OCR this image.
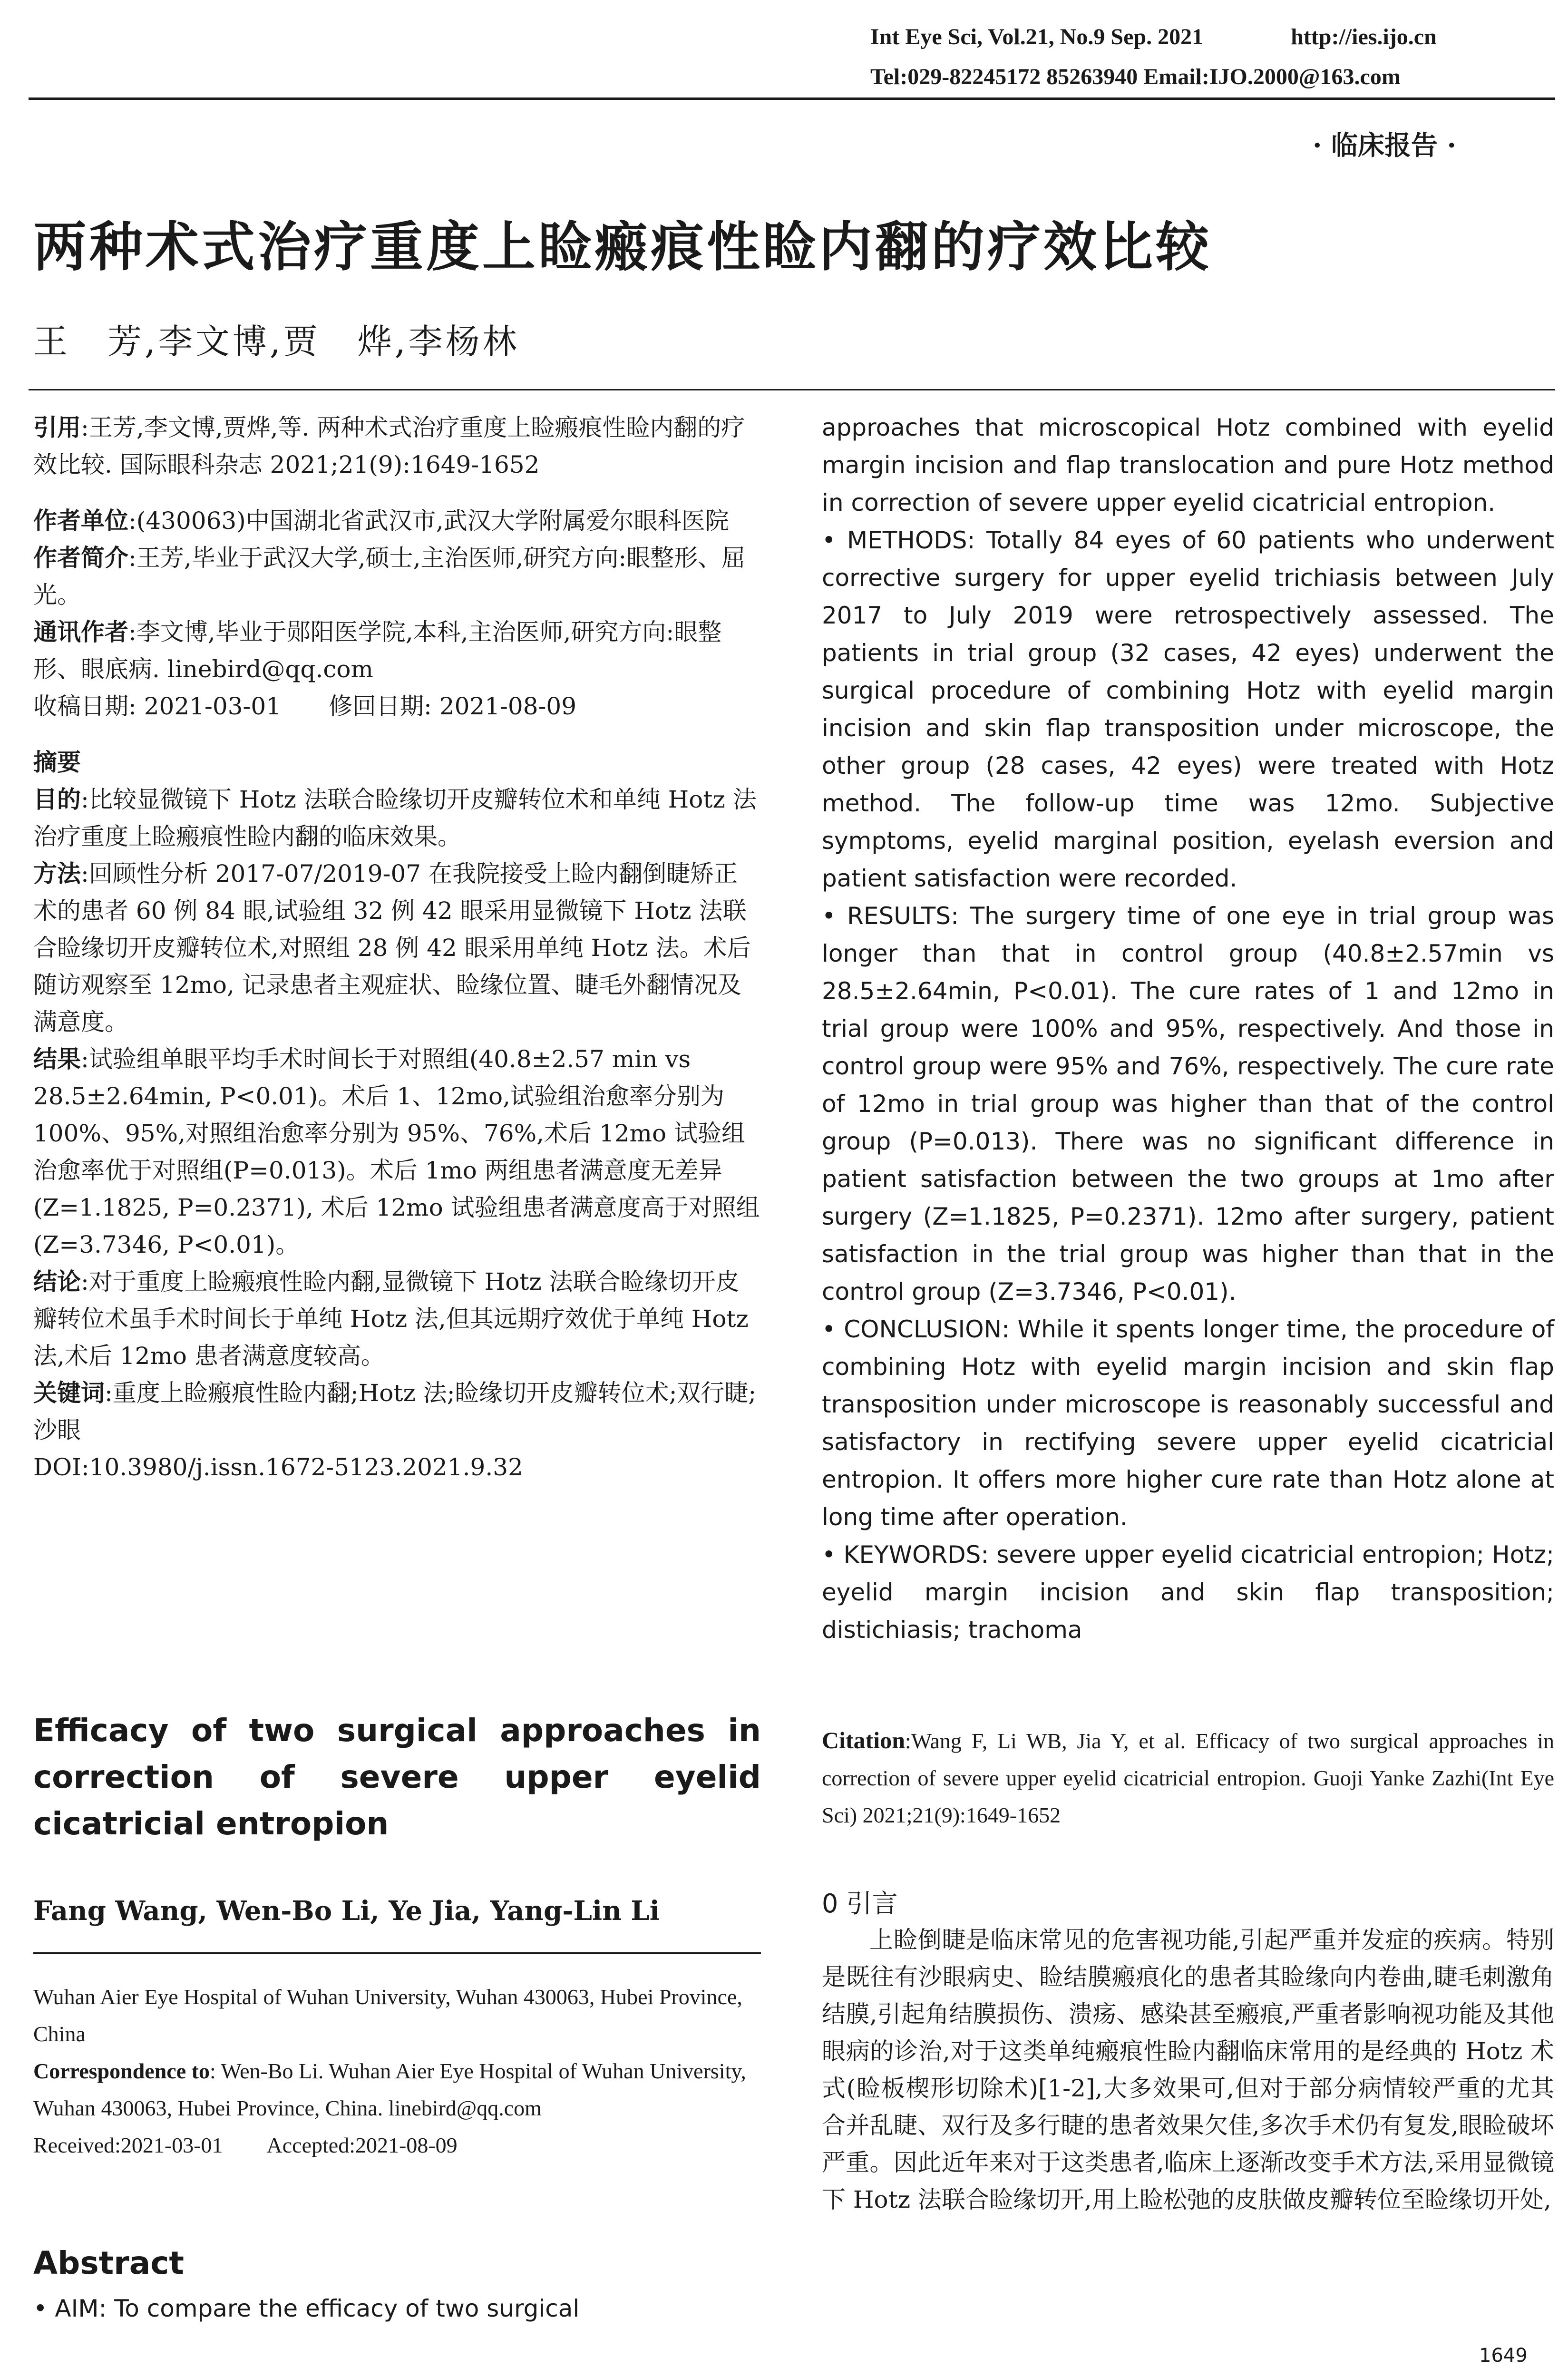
Int Eye Sci, Vol.21, No.9 Sep. 2021	http://ies.ijo.cn
Tel:029-82245172 85263940 Email:IJO.2000@163.com
· 临床报告 ·
两种术式治疗重度上睑瘢痕性睑内翻的疗效比较
王　芳,李文博,贾　烨,李杨林

引用:王芳,李文博,贾烨,等. 两种术式治疗重度上睑瘢痕性睑内翻的疗效比较. 国际眼科杂志 2021;21(9):1649-1652

作者单位:(430063)中国湖北省武汉市,武汉大学附属爱尔眼科医院

作者简介:王芳,毕业于武汉大学,硕士,主治医师,研究方向:眼整形、屈光。

通讯作者:李文博,毕业于郧阳医学院,本科,主治医师,研究方向:眼整形、眼底病. linebird@qq.com

收稿日期: 2021-03-01　　修回日期: 2021-08-09

摘要

目的:比较显微镜下 Hotz 法联合睑缘切开皮瓣转位术和单纯 Hotz 法治疗重度上睑瘢痕性睑内翻的临床效果。

方法:回顾性分析 2017-07/2019-07 在我院接受上睑内翻倒睫矫正术的患者 60 例 84 眼,试验组 32 例 42 眼采用显微镜下 Hotz 法联合睑缘切开皮瓣转位术,对照组 28 例 42 眼采用单纯 Hotz 法。术后随访观察至 12mo, 记录患者主观症状、睑缘位置、睫毛外翻情况及满意度。

结果:试验组单眼平均手术时间长于对照组(40.8±2.57 min vs 28.5±2.64min, P<0.01)。术后 1、12mo,试验组治愈率分别为 100%、95%,对照组治愈率分别为 95%、76%,术后 12mo 试验组治愈率优于对照组(P=0.013)。术后 1mo 两组患者满意度无差异(Z=1.1825, P=0.2371), 术后 12mo 试验组患者满意度高于对照组(Z=3.7346, P<0.01)。

结论:对于重度上睑瘢痕性睑内翻,显微镜下 Hotz 法联合睑缘切开皮瓣转位术虽手术时间长于单纯 Hotz 法,但其远期疗效优于单纯 Hotz 法,术后 12mo 患者满意度较高。

关键词:重度上睑瘢痕性睑内翻;Hotz 法;睑缘切开皮瓣转位术;双行睫;沙眼

DOI:10.3980/j.issn.1672-5123.2021.9.32

Efficacy of two surgical approaches in correction of severe upper eyelid cicatricial entropion
Fang Wang, Wen-Bo Li, Ye Jia, Yang-Lin Li

Wuhan Aier Eye Hospital of Wuhan University, Wuhan 430063, Hubei Province, China

Correspondence to: Wen-Bo Li. Wuhan Aier Eye Hospital of Wuhan University, Wuhan 430063, Hubei Province, China. linebird@qq.com

Received:2021-03-01　　Accepted:2021-08-09

Abstract
• AIM: To compare the efficacy of two surgical

approaches that microscopical Hotz combined with eyelid margin incision and flap translocation and pure Hotz method in correction of severe upper eyelid cicatricial entropion.

• METHODS: Totally 84 eyes of 60 patients who underwent corrective surgery for upper eyelid trichiasis between July 2017 to July 2019 were retrospectively assessed. The patients in trial group (32 cases, 42 eyes) underwent the surgical procedure of combining Hotz with eyelid margin incision and skin flap transposition under microscope, the other group (28 cases, 42 eyes) were treated with Hotz method. The follow-up time was 12mo. Subjective symptoms, eyelid marginal position, eyelash eversion and patient satisfaction were recorded.

• RESULTS: The surgery time of one eye in trial group was longer than that in control group (40.8±2.57min vs 28.5±2.64min, P<0.01). The cure rates of 1 and 12mo in trial group were 100% and 95%, respectively. And those in control group were 95% and 76%, respectively. The cure rate of 12mo in trial group was higher than that of the control group (P=0.013). There was no significant difference in patient satisfaction between the two groups at 1mo after surgery (Z=1.1825, P=0.2371). 12mo after surgery, patient satisfaction in the trial group was higher than that in the control group (Z=3.7346, P<0.01).

• CONCLUSION: While it spents longer time, the procedure of combining Hotz with eyelid margin incision and skin flap transposition under microscope is reasonably successful and satisfactory in rectifying severe upper eyelid cicatricial entropion. It offers more higher cure rate than Hotz alone at long time after operation.

• KEYWORDS: severe upper eyelid cicatricial entropion; Hotz; eyelid margin incision and skin flap transposition; distichiasis; trachoma

Citation:Wang F, Li WB, Jia Y, et al. Efficacy of two surgical approaches in correction of severe upper eyelid cicatricial entropion. Guoji Yanke Zazhi(Int Eye Sci) 2021;21(9):1649-1652

0 引言
上睑倒睫是临床常见的危害视功能,引起严重并发症的疾病。特别是既往有沙眼病史、睑结膜瘢痕化的患者其睑缘向内卷曲,睫毛刺激角结膜,引起角结膜损伤、溃疡、感染甚至瘢痕,严重者影响视功能及其他眼病的诊治,对于这类单纯瘢痕性睑内翻临床常用的是经典的 Hotz 术式(睑板楔形切除术)[1-2],大多效果可,但对于部分病情较严重的尤其合并乱睫、双行及多行睫的患者效果欠佳,多次手术仍有复发,眼睑破坏严重。因此近年来对于这类患者,临床上逐渐改变手术方法,采用显微镜下 Hotz 法联合睑缘切开,用上睑松弛的皮肤做皮瓣转位至睑缘切开处,
1649
